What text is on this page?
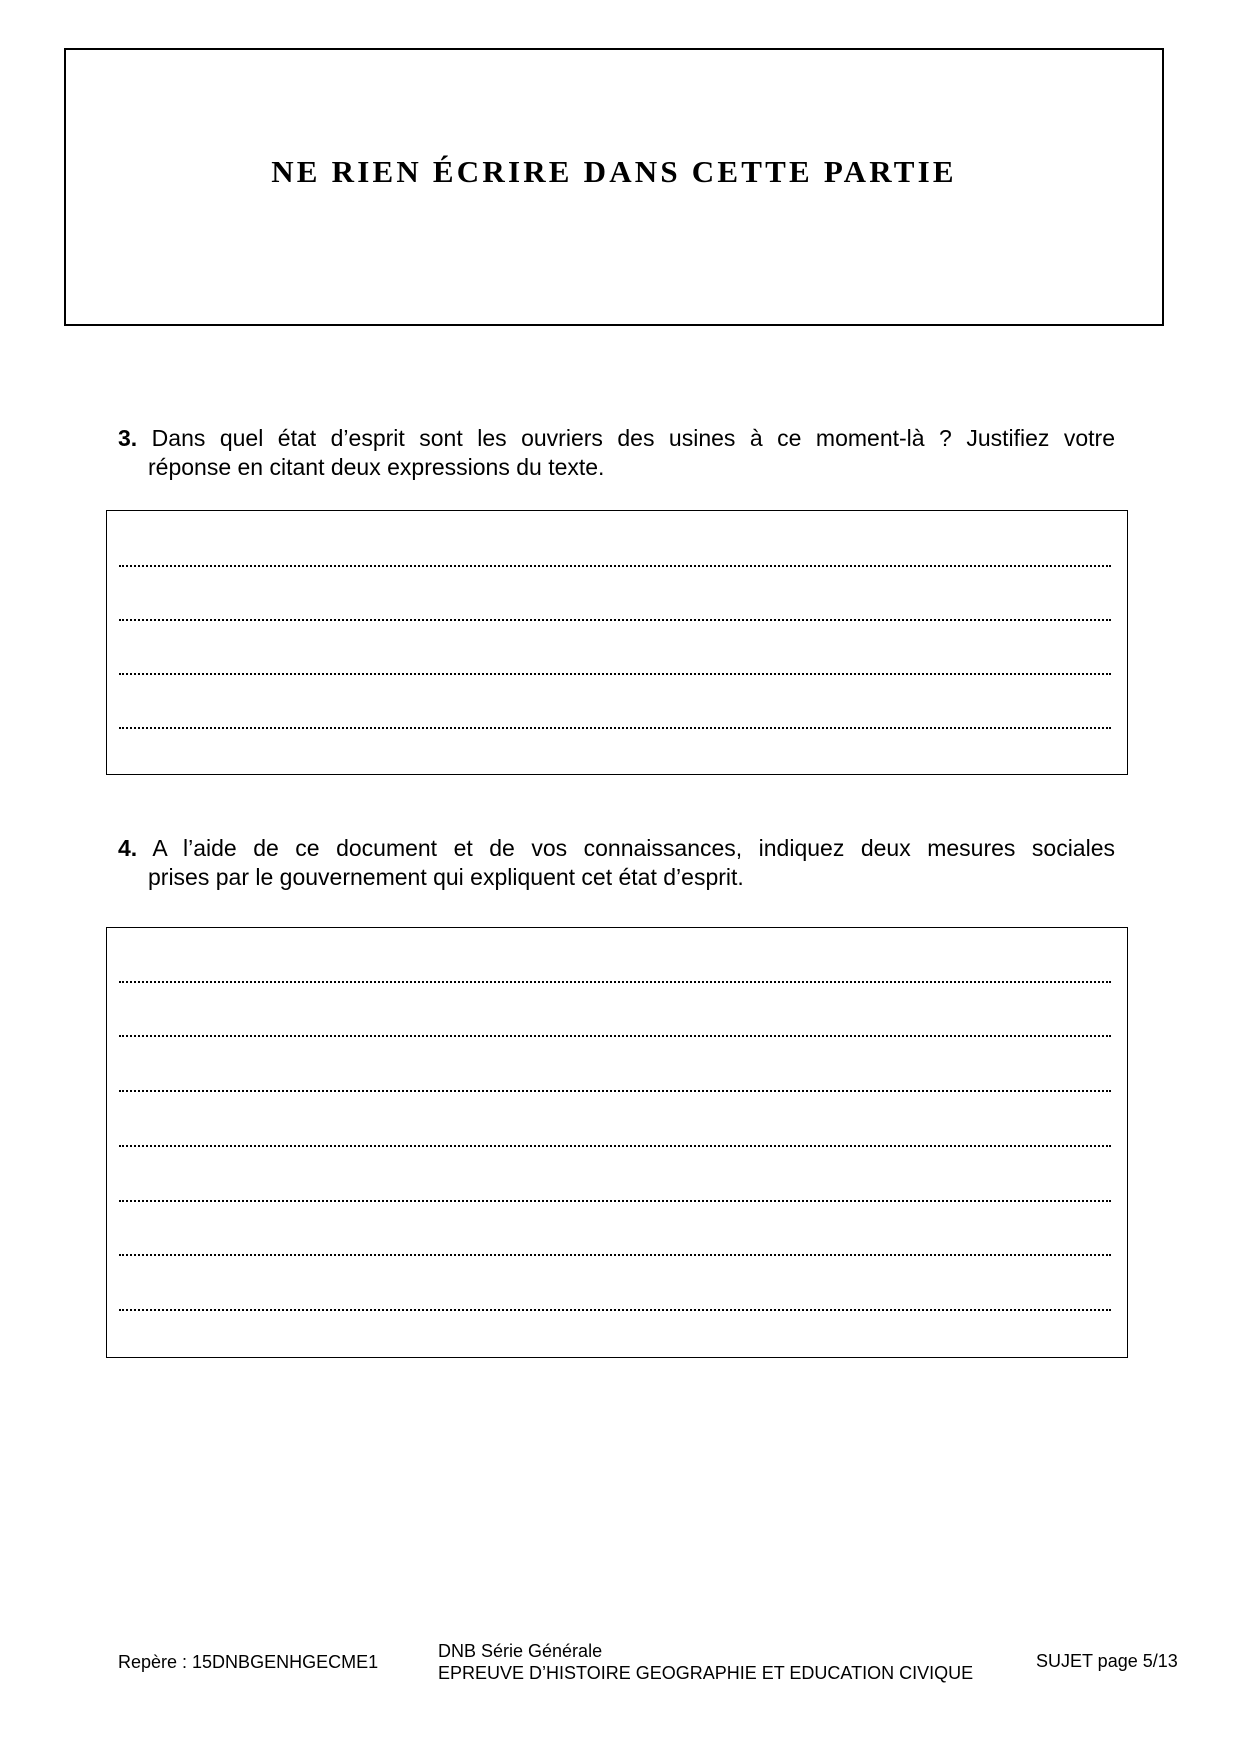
NE RIEN ÉCRIRE DANS CETTE PARTIE
3. Dans quel état d’esprit sont les ouvriers des usines à ce moment-là ? Justifiez votre
réponse en citant deux expressions du texte.
4. A l’aide de ce document et de vos connaissances, indiquez deux mesures sociales
prises par le gouvernement qui expliquent cet état d’esprit.
Repère : 15DNBGENHGECME1
DNB Série Générale
EPREUVE D’HISTOIRE GEOGRAPHIE ET EDUCATION CIVIQUE
SUJET page 5/13
